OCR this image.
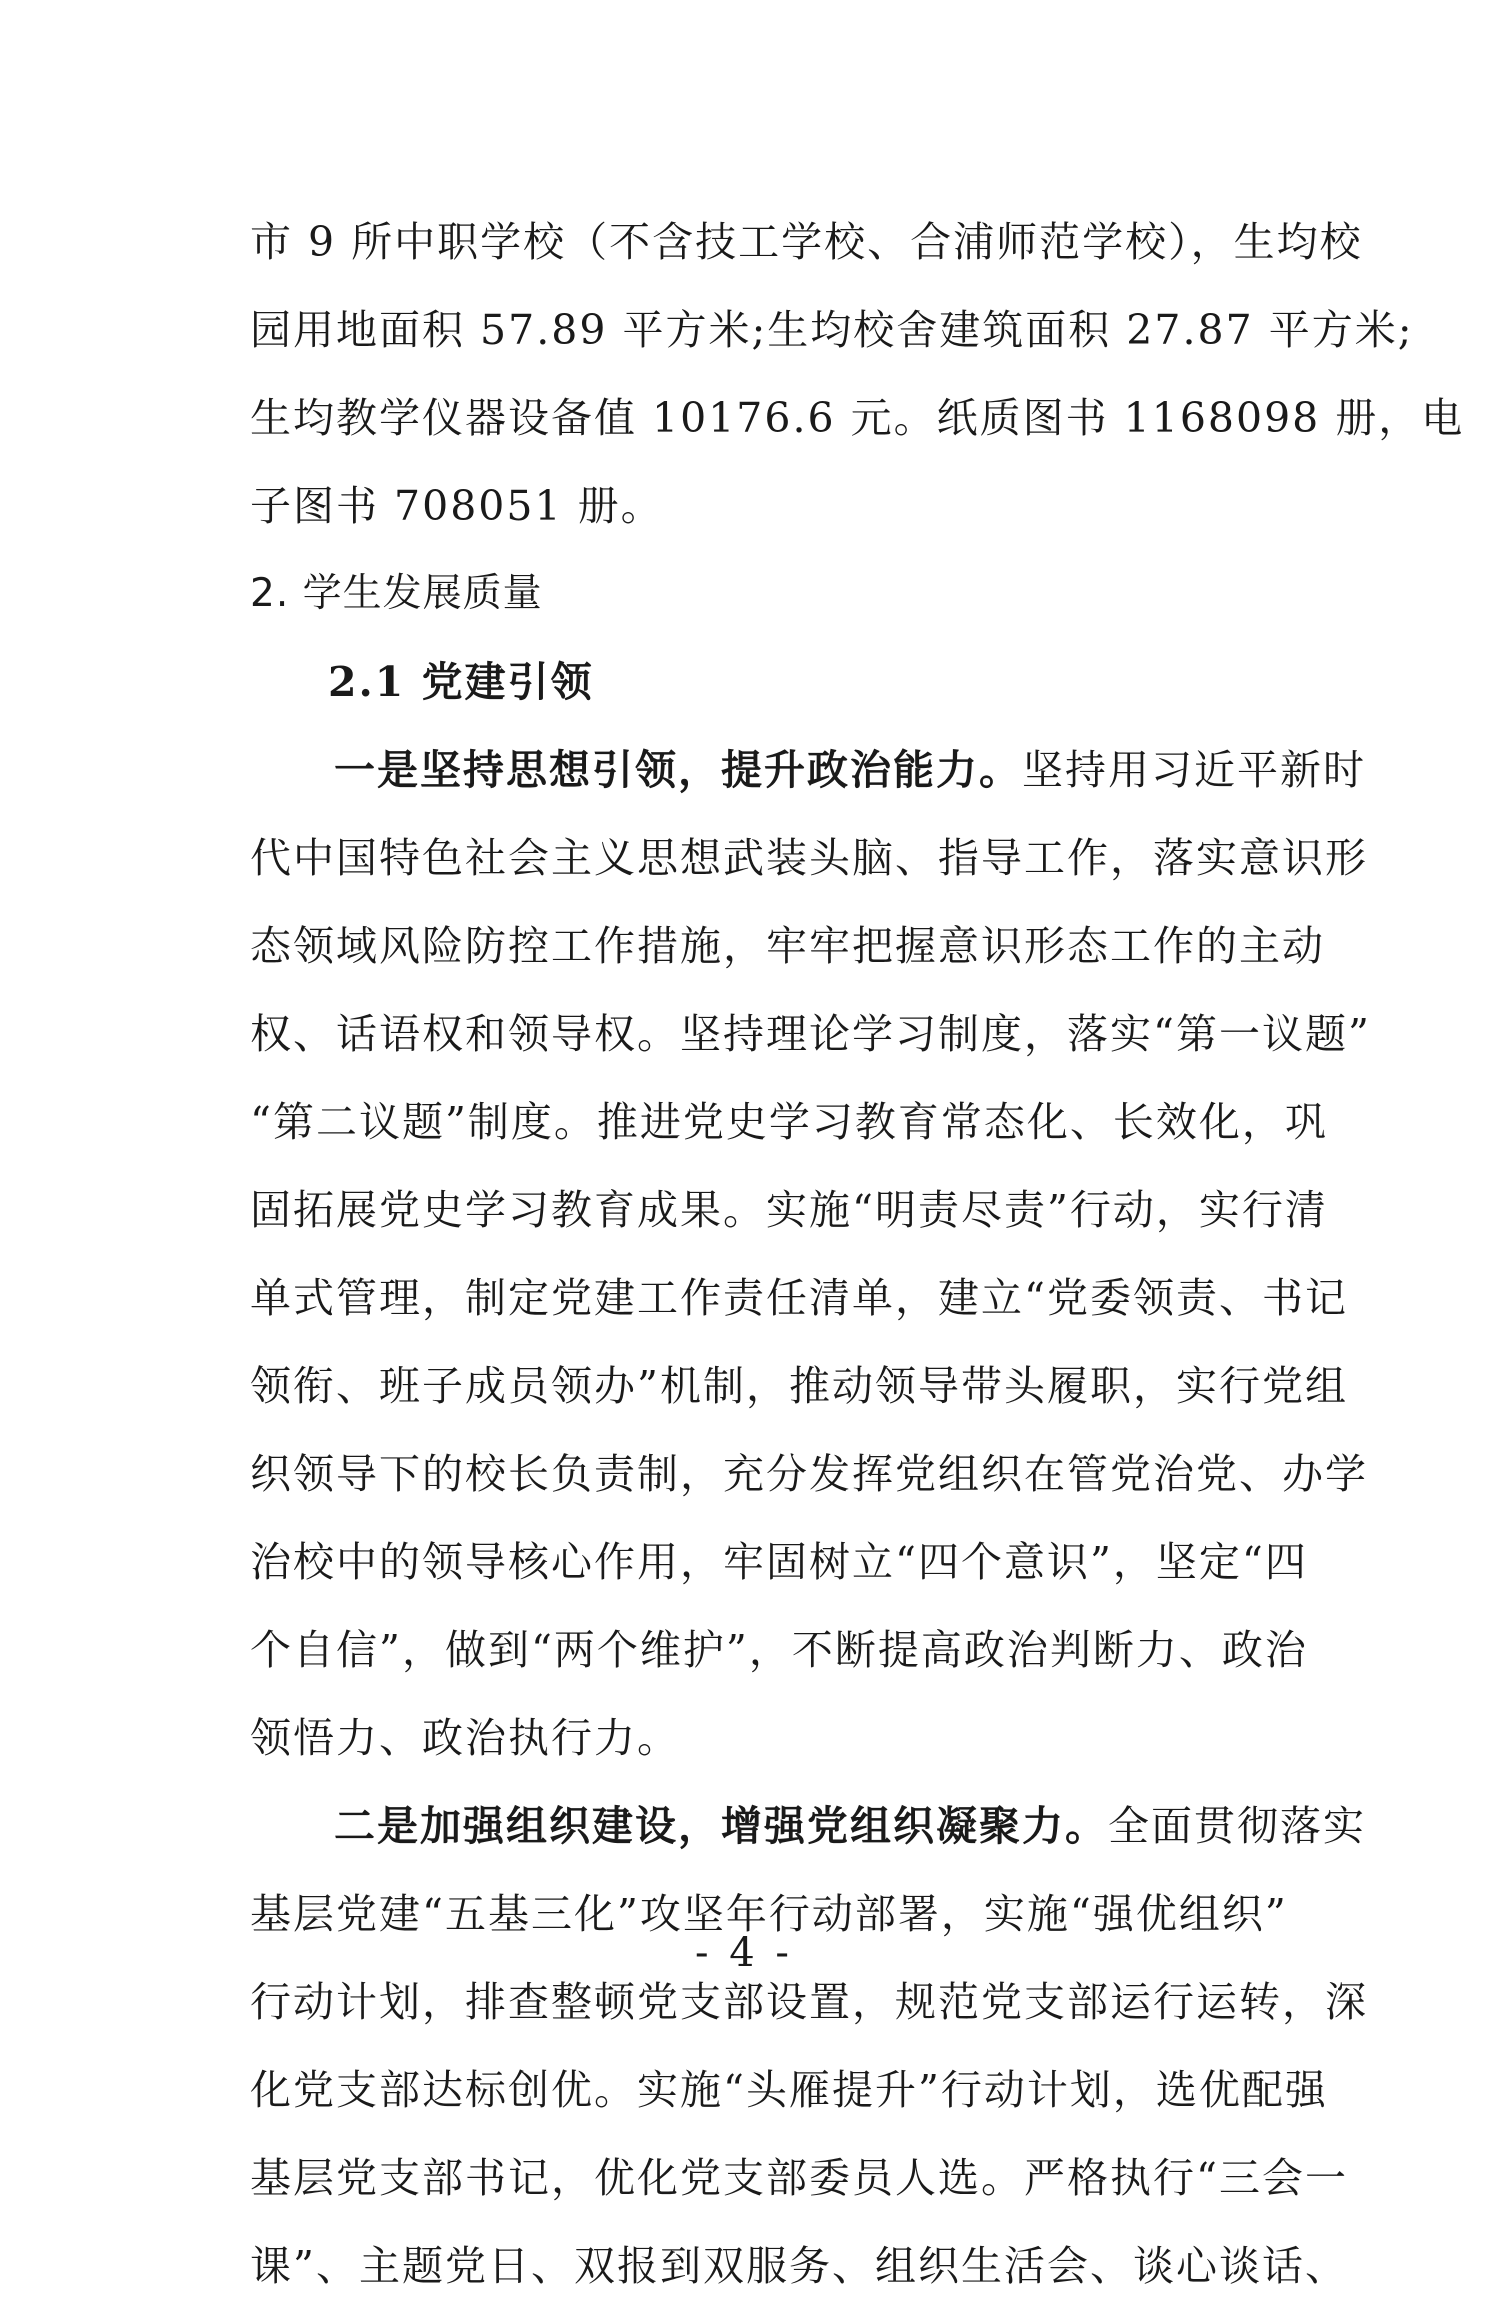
市 9 所中职学校（不含技工学校、合浦师范学校），生均校
园用地面积 57.89 平方米;生均校舍建筑面积 27.87 平方米;
生均教学仪器设备值 10176.6 元。纸质图书 1168098 册，电
子图书 708051 册。
2. 学生发展质量
2.1 党建引领
一是坚持思想引领，提升政治能力。坚持用习近平新时
代中国特色社会主义思想武装头脑、指导工作，落实意识形
态领域风险防控工作措施，牢牢把握意识形态工作的主动
权、话语权和领导权。坚持理论学习制度，落实“第一议题”
“第二议题”制度。推进党史学习教育常态化、长效化，巩
固拓展党史学习教育成果。实施“明责尽责”行动，实行清
单式管理，制定党建工作责任清单，建立“党委领责、书记
领衔、班子成员领办”机制，推动领导带头履职，实行党组
织领导下的校长负责制，充分发挥党组织在管党治党、办学
治校中的领导核心作用，牢固树立“四个意识”，坚定“四
个自信”，做到“两个维护”，不断提高政治判断力、政治
领悟力、政治执行力。
二是加强组织建设，增强党组织凝聚力。全面贯彻落实
基层党建“五基三化”攻坚年行动部署，实施“强优组织”
行动计划，排查整顿党支部设置，规范党支部运行运转，深
化党支部达标创优。实施“头雁提升”行动计划，选优配强
基层党支部书记，优化党支部委员人选。严格执行“三会一
课”、主题党日、双报到双服务、组织生活会、谈心谈话、
- 4 -
